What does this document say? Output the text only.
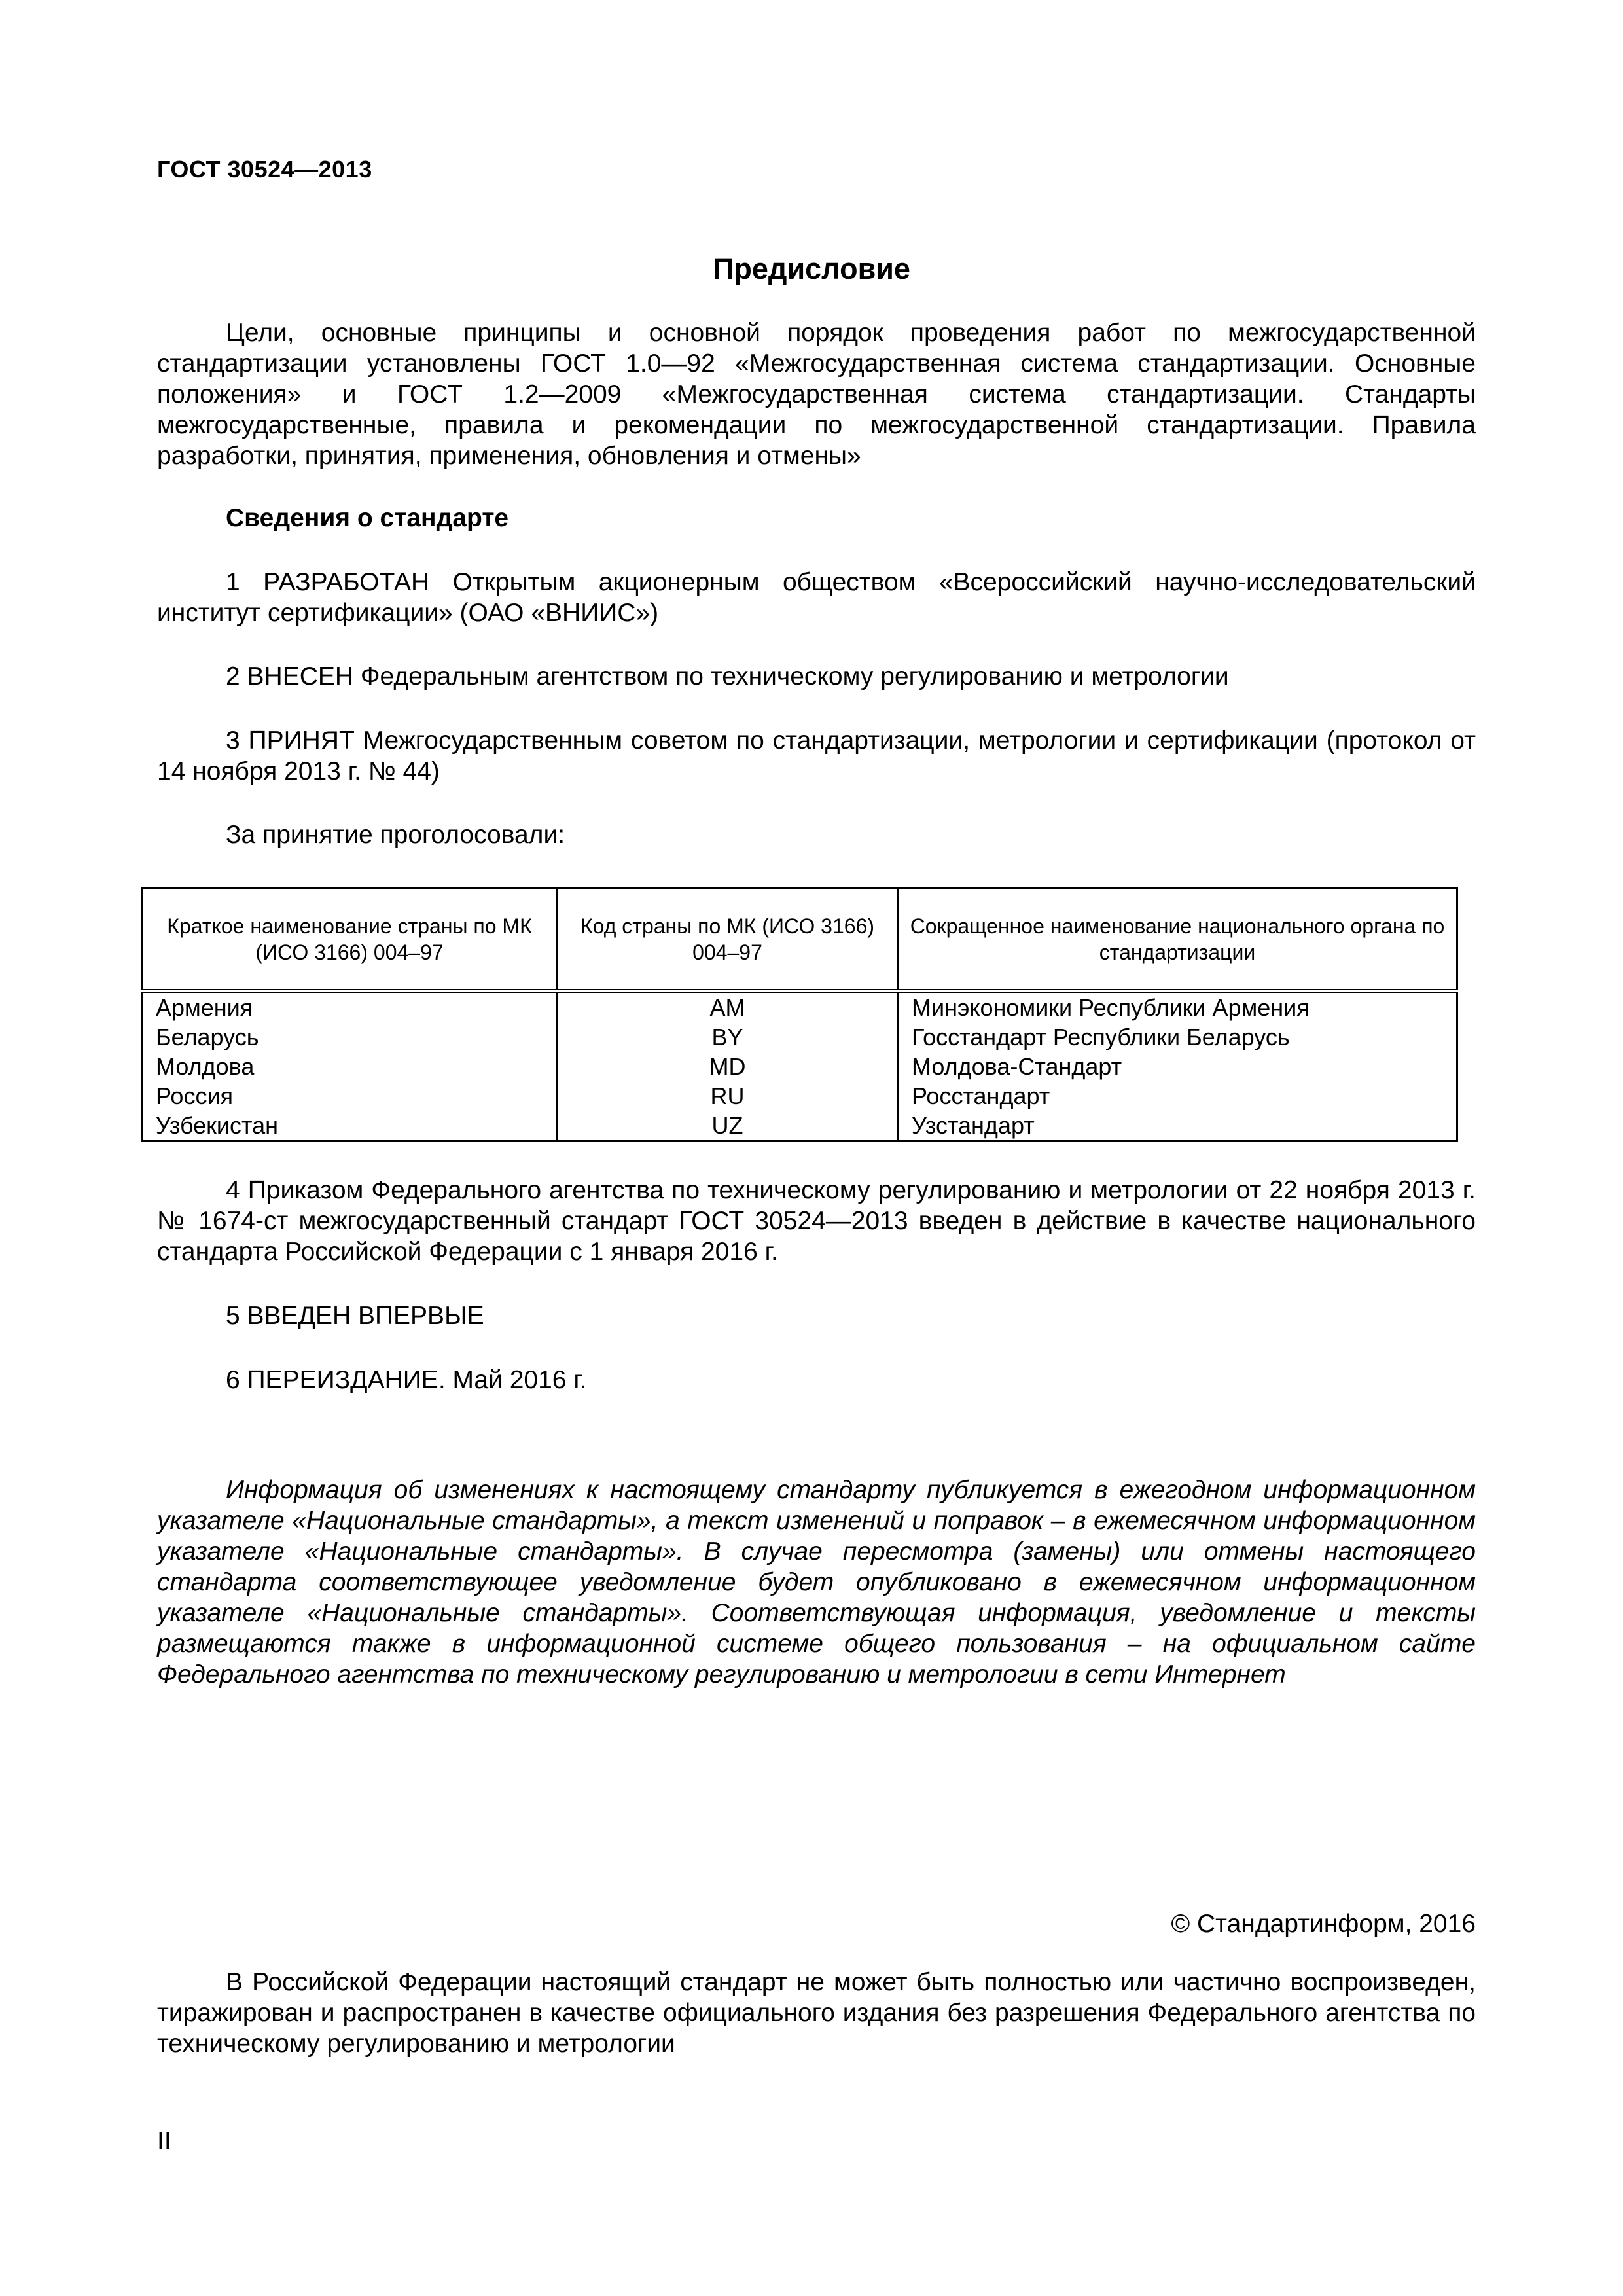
ГОСТ 30524—2013
Предисловие
Цели, основные принципы и основной порядок проведения работ по межгосударственной стандартизации установлены ГОСТ 1.0—92 «Межгосударственная система стандартизации. Основные положения» и ГОСТ 1.2—2009 «Межгосударственная система стандартизации. Стандарты межгосударственные, правила и рекомендации по межгосударственной стандартизации. Правила разработки, принятия, применения, обновления и отмены»
Сведения о стандарте
1 РАЗРАБОТАН Открытым акционерным обществом «Всероссийский научно-исследовательский институт сертификации» (ОАО «ВНИИС»)
2 ВНЕСЕН Федеральным агентством по техническому регулированию и метрологии
3 ПРИНЯТ Межгосударственным советом по стандартизации, метрологии и сертификации (протокол от 14 ноября 2013 г. № 44)
За принятие проголосовали:
Краткое наименование страны по МК (ИСО 3166) 004–97	Код страны по МК (ИСО 3166) 004–97	Сокращенное наименование национального органа по стандартизации
Армения	AM	Минэкономики Республики Армения
Беларусь	BY	Госстандарт Республики Беларусь
Молдова	MD	Молдова-Стандарт
Россия	RU	Росстандарт
Узбекистан	UZ	Узстандарт
4 Приказом Федерального агентства по техническому регулированию и метрологии от 22 ноября 2013 г. № 1674-ст межгосударственный стандарт ГОСТ 30524—2013 введен в действие в качестве национального стандарта Российской Федерации с 1 января 2016 г.
5 ВВЕДЕН ВПЕРВЫЕ
6 ПЕРЕИЗДАНИЕ. Май 2016 г.
Информация об изменениях к настоящему стандарту публикуется в ежегодном информационном указателе «Национальные стандарты», а текст изменений и поправок – в ежемесячном информационном указателе «Национальные стандарты». В случае пересмотра (замены) или отмены настоящего стандарта соответствующее уведомление будет опубликовано в ежемесячном информационном указателе «Национальные стандарты». Соответствующая информация, уведомление и тексты размещаются также в информационной системе общего пользования – на официальном сайте Федерального агентства по техническому регулированию и метрологии в сети Интернет
© Стандартинформ, 2016
В Российской Федерации настоящий стандарт не может быть полностью или частично воспроизведен, тиражирован и распространен в качестве официального издания без разрешения Федерального агентства по техническому регулированию и метрологии
II
